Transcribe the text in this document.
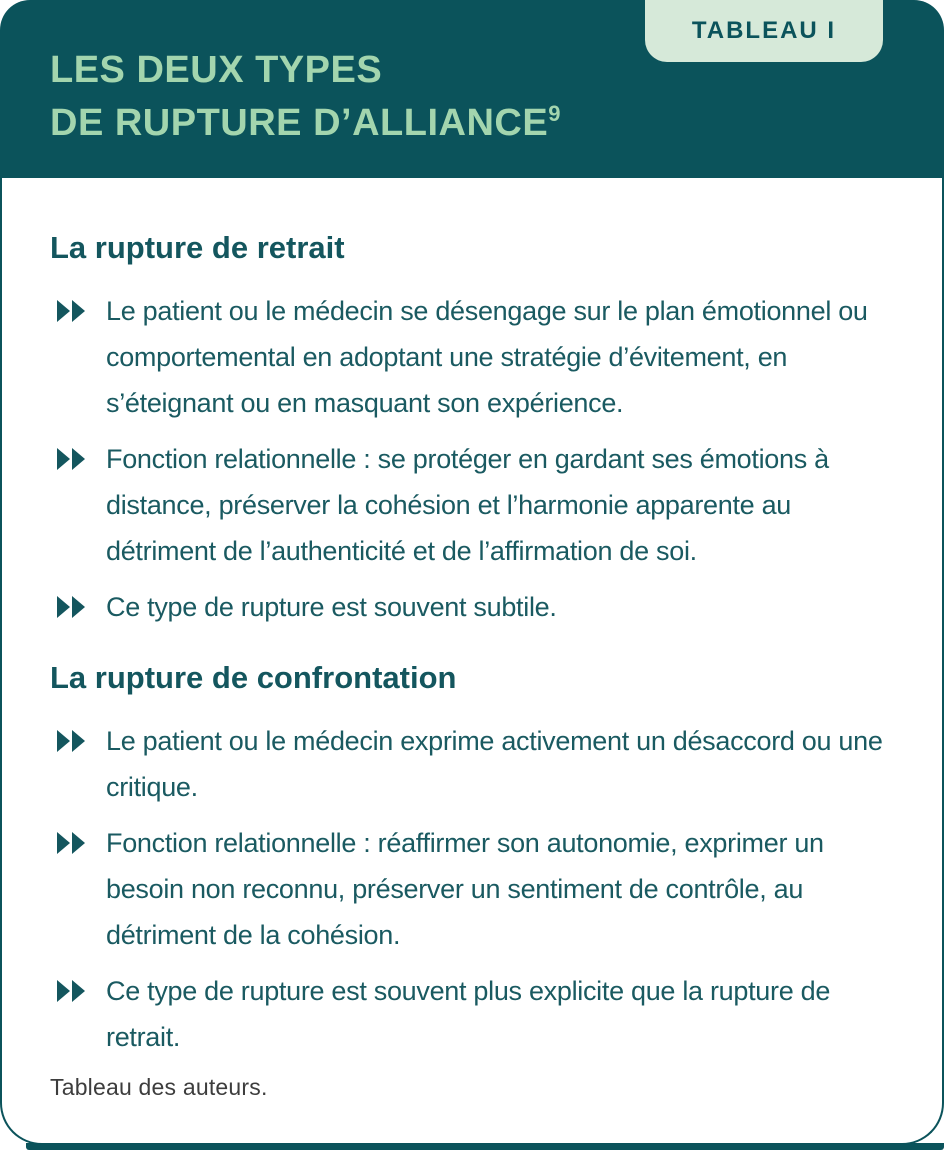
LES DEUX TYPES
DE RUPTURE D’ALLIANCE$^9$
TABLEAU I
La rupture de retrait
Le patient ou le médecin se désengage sur le plan émotionnel ou comportemental en adoptant une stratégie d’évitement, en s’éteignant ou en masquant son expérience.
Fonction relationnelle : se protéger en gardant ses émotions à distance, préserver la cohésion et l’harmonie apparente au détriment de l’authenticité et de l’affirmation de soi.
Ce type de rupture est souvent subtile.
La rupture de confrontation
Le patient ou le médecin exprime activement un désaccord ou une critique.
Fonction relationnelle : réaffirmer son autonomie, exprimer un besoin non reconnu, préserver un sentiment de contrôle, au détriment de la cohésion.
Ce type de rupture est souvent plus explicite que la rupture de retrait.
Tableau des auteurs.
